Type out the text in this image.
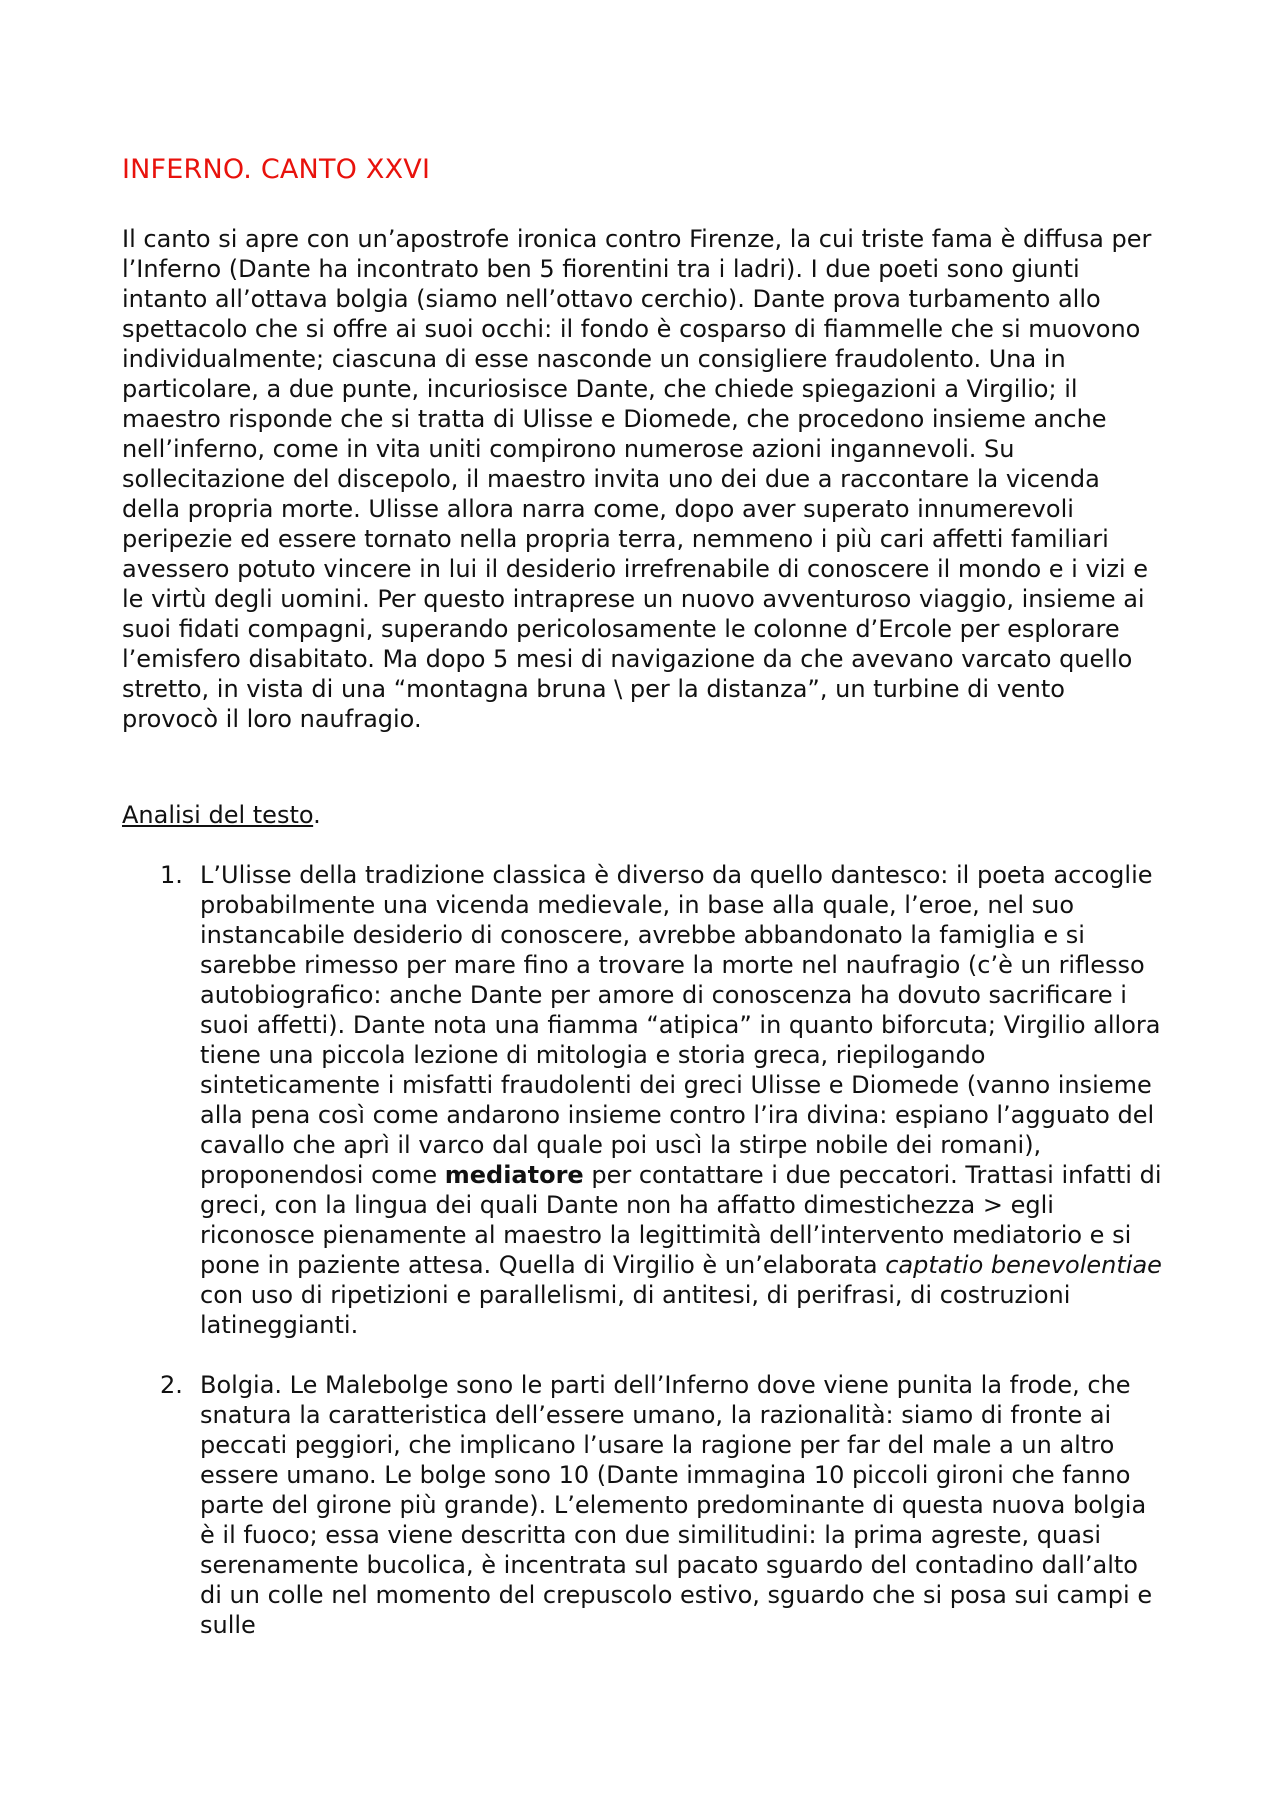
INFERNO. CANTO XXVI

Il canto si apre con un’apostrofe ironica contro Firenze, la cui triste fama è diffusa per l’Inferno (Dante ha incontrato ben 5 fiorentini tra i ladri). I due poeti sono giunti intanto all’ottava bolgia (siamo nell’ottavo cerchio). Dante prova turbamento allo spettacolo che si offre ai suoi occhi: il fondo è cosparso di fiammelle che si muovono individualmente; ciascuna di esse nasconde un consigliere fraudolento. Una in particolare, a due punte, incuriosisce Dante, che chiede spiegazioni a Virgilio; il maestro risponde che si tratta di Ulisse e Diomede, che procedono insieme anche nell’inferno, come in vita uniti compirono numerose azioni ingannevoli. Su sollecitazione del discepolo, il maestro invita uno dei due a raccontare la vicenda della propria morte. Ulisse allora narra come, dopo aver superato innumerevoli peripezie ed essere tornato nella propria terra, nemmeno i più cari affetti familiari avessero potuto vincere in lui il desiderio irrefrenabile di conoscere il mondo e i vizi e le virtù degli uomini. Per questo intraprese un nuovo avventuroso viaggio, insieme ai suoi fidati compagni, superando pericolosamente le colonne d’Ercole per esplorare l’emisfero disabitato. Ma dopo 5 mesi di navigazione da che avevano varcato quello stretto, in vista di una “montagna bruna \ per la distanza”, un turbine di vento provocò il loro naufragio.

Analisi del testo.

1. L’Ulisse della tradizione classica è diverso da quello dantesco: il poeta accoglie probabilmente una vicenda medievale, in base alla quale, l’eroe, nel suo instancabile desiderio di conoscere, avrebbe abbandonato la famiglia e si sarebbe rimesso per mare fino a trovare la morte nel naufragio (c’è un riflesso autobiografico: anche Dante per amore di conoscenza ha dovuto sacrificare i suoi affetti). Dante nota una fiamma “atipica” in quanto biforcuta; Virgilio allora tiene una piccola lezione di mitologia e storia greca, riepilogando sinteticamente i misfatti fraudolenti dei greci Ulisse e Diomede (vanno insieme alla pena così come andarono insieme contro l’ira divina: espiano l’agguato del cavallo che aprì il varco dal quale poi uscì la stirpe nobile dei romani), proponendosi come mediatore per contattare i due peccatori. Trattasi infatti di greci, con la lingua dei quali Dante non ha affatto dimestichezza > egli riconosce pienamente al maestro la legittimità dell’intervento mediatorio e si pone in paziente attesa. Quella di Virgilio è un’elaborata captatio benevolentiae con uso di ripetizioni e parallelismi, di antitesi, di perifrasi, di costruzioni latineggianti.
2. Bolgia. Le Malebolge sono le parti dell’Inferno dove viene punita la frode, che snatura la caratteristica dell’essere umano, la razionalità: siamo di fronte ai peccati peggiori, che implicano l’usare la ragione per far del male a un altro essere umano. Le bolge sono 10 (Dante immagina 10 piccoli gironi che fanno parte del girone più grande). L’elemento predominante di questa nuova bolgia è il fuoco; essa viene descritta con due similitudini: la prima agreste, quasi serenamente bucolica, è incentrata sul pacato sguardo del contadino dall’alto di un colle nel momento del crepuscolo estivo, sguardo che si posa sui campi e sulle
